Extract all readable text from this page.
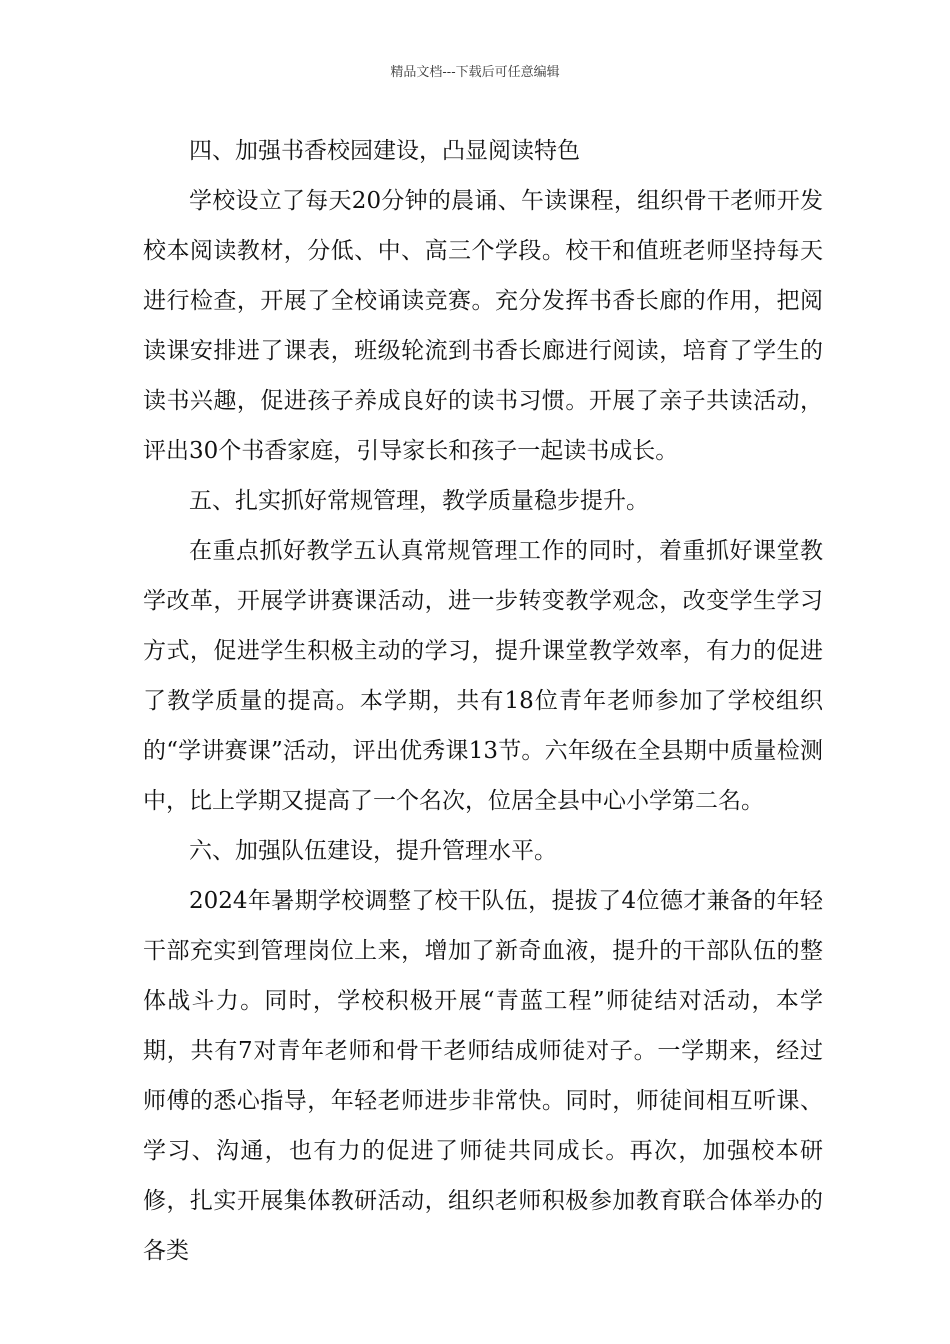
精品文档---下载后可任意编辑
四、加强书香校园建设，凸显阅读特色
学校设立了每天20分钟的晨诵、午读课程，组织骨干老师开发校本阅读教材，分低、中、高三个学段。校干和值班老师坚持每天进行检查，开展了全校诵读竞赛。充分发挥书香长廊的作用，把阅读课安排进了课表，班级轮流到书香长廊进行阅读，培育了学生的读书兴趣，促进孩子养成良好的读书习惯。开展了亲子共读活动，评出30个书香家庭，引导家长和孩子一起读书成长。
五、扎实抓好常规管理，教学质量稳步提升。
在重点抓好教学五认真常规管理工作的同时，着重抓好课堂教学改革，开展学讲赛课活动，进一步转变教学观念，改变学生学习方式，促进学生积极主动的学习，提升课堂教学效率，有力的促进了教学质量的提高。本学期，共有18位青年老师参加了学校组织的“学讲赛课”活动，评出优秀课13节。六年级在全县期中质量检测中，比上学期又提高了一个名次，位居全县中心小学第二名。
六、加强队伍建设，提升管理水平。
2024年暑期学校调整了校干队伍，提拔了4位德才兼备的年轻干部充实到管理岗位上来，增加了新奇血液，提升的干部队伍的整体战斗力。同时，学校积极开展“青蓝工程”师徒结对活动，本学期，共有7对青年老师和骨干老师结成师徒对子。一学期来，经过师傅的悉心指导，年轻老师进步非常快。同时，师徒间相互听课、学习、沟通，也有力的促进了师徒共同成长。再次，加强校本研修，扎实开展集体教研活动，组织老师积极参加教育联合体举办的各类
